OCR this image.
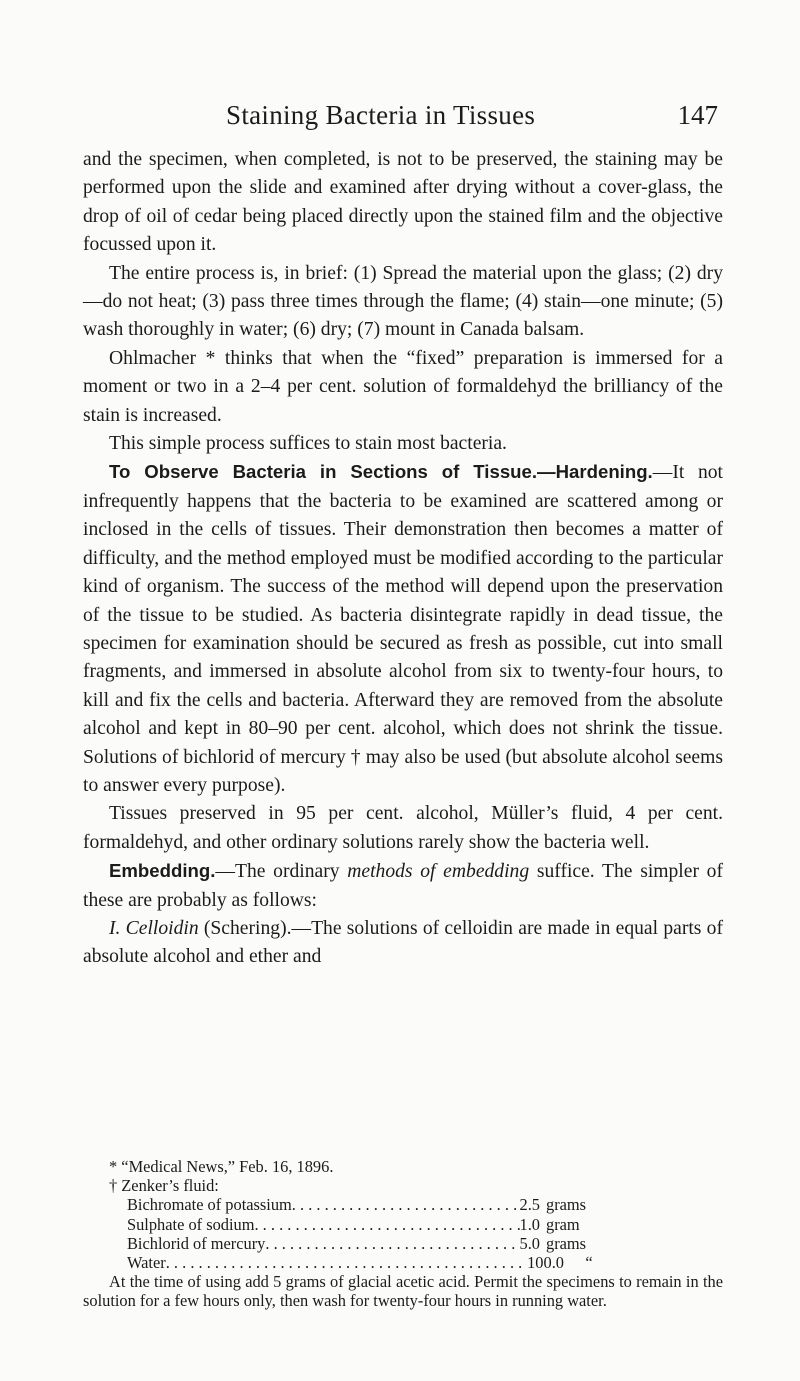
Staining Bacteria in Tissues	147

and the specimen, when completed, is not to be preserved, the staining may be performed upon the slide and examined after drying without a cover-glass, the drop of oil of cedar being placed directly upon the stained film and the objective focussed upon it.

The entire process is, in brief: (1) Spread the material upon the glass; (2) dry—do not heat; (3) pass three times through the flame; (4) stain—one minute; (5) wash thoroughly in water; (6) dry; (7) mount in Canada balsam.

Ohlmacher * thinks that when the “fixed” preparation is immersed for a moment or two in a 2–4 per cent. solution of formaldehyd the brilliancy of the stain is increased.

This simple process suffices to stain most bacteria.

To Observe Bacteria in Sections of Tissue.—Hardening.—It not infrequently happens that the bacteria to be examined are scattered among or inclosed in the cells of tissues. Their demonstration then becomes a matter of difficulty, and the method employed must be modified according to the particular kind of organism. The success of the method will depend upon the preservation of the tissue to be studied. As bacteria disintegrate rapidly in dead tissue, the specimen for examination should be secured as fresh as possible, cut into small fragments, and immersed in absolute alcohol from six to twenty-four hours, to kill and fix the cells and bacteria. Afterward they are removed from the absolute alcohol and kept in 80–90 per cent. alcohol, which does not shrink the tissue. Solutions of bichlorid of mercury † may also be used (but absolute alcohol seems to answer every purpose).

Tissues preserved in 95 per cent. alcohol, Müller’s fluid, 4 per cent. formaldehyd, and other ordinary solutions rarely show the bacteria well.

Embedding.—The ordinary methods of embedding suffice. The simpler of these are probably as follows:

I. Celloidin (Schering).—The solutions of celloidin are made in equal parts of absolute alcohol and ether and

* “Medical News,” Feb. 16, 1896.

† Zenker’s fluid:

Bichromate of potassium . . .	2.5 grams
Sulphate of sodium . . .	1.0 gram
Bichlorid of mercury . . .	5.0 grams
Water . . .	100.0	“

At the time of using add 5 grams of glacial acetic acid. Permit the specimens to remain in the solution for a few hours only, then wash for twenty-four hours in running water.
